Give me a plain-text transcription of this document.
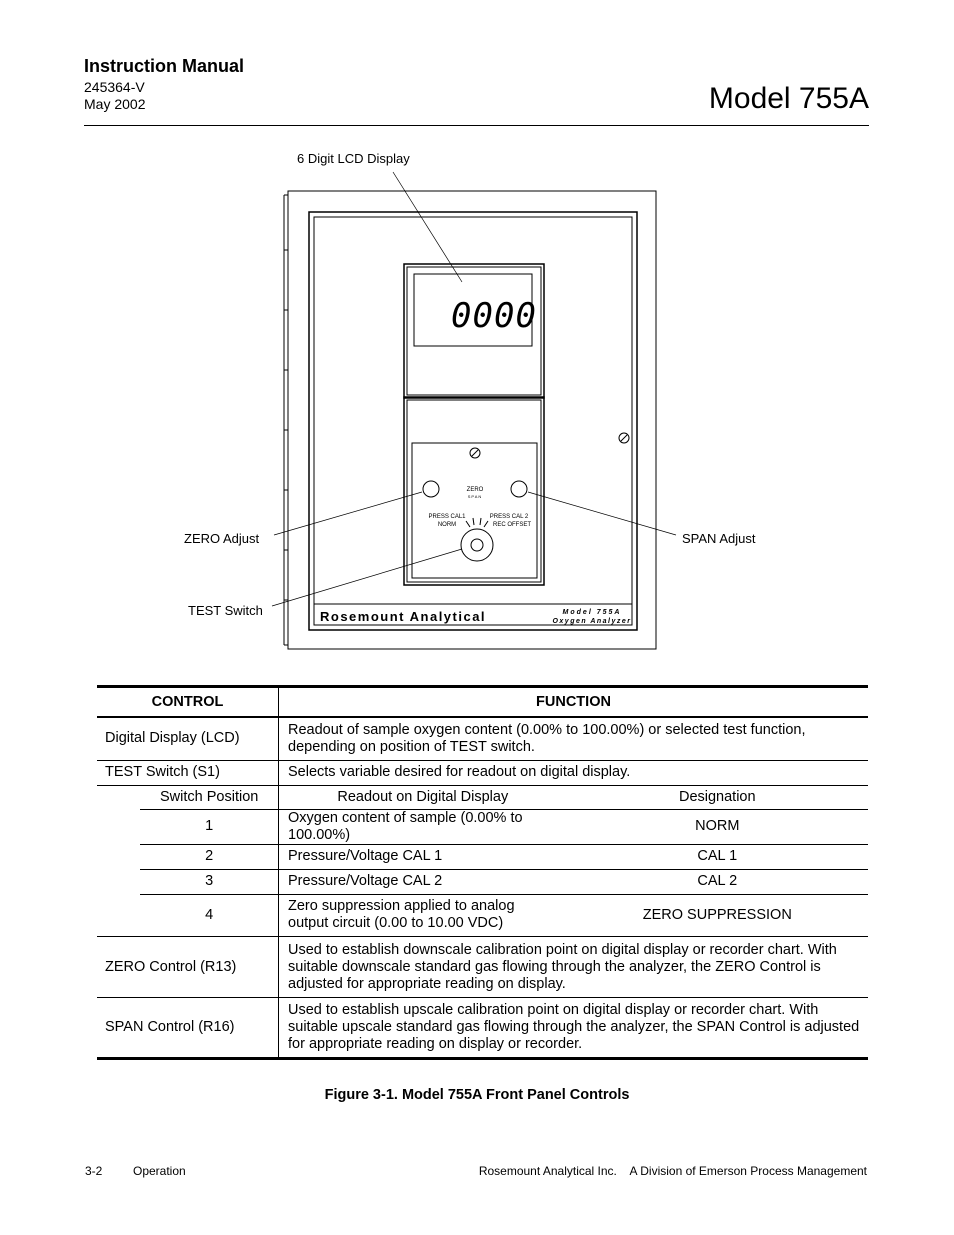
Instruction Manual
245364-V
May 2002	Model 755A
0000
ZERO
SPAN
PRESS CAL1
NORM
PRESS CAL 2
REC OFFSET
Rosemount Analytical	Model 755A
Oxygen Analyzer
6 Digit LCD Display
ZERO Adjust	SPAN Adjust
TEST Switch
CONTROL		FUNCTION	
Digital Display (LCD)		Readout of sample oxygen content (0.00% to 100.00%) or selected test function, depending on position of TEST switch.	
TEST Switch (S1)		Selects variable desired for readout on digital display.	
	Switch Position	Readout on Digital Display	Designation
	1	Oxygen content of sample (0.00% to 100.00%)	NORM
	2	Pressure/Voltage CAL 1	CAL 1
	3	Pressure/Voltage CAL 2	CAL 2
	4	Zero suppression applied to analog output circuit (0.00 to 10.00 VDC)	ZERO SUPPRESSION

ZERO Control (R13)		Used to establish downscale calibration point on digital display or recorder chart. With suitable downscale standard gas flowing through the analyzer, the ZERO Control is adjusted for appropriate reading on display.	
SPAN Control (R16)		Used to establish upscale calibration point on digital display or recorder chart. With suitable upscale standard gas flowing through the analyzer, the SPAN Control is adjusted for appropriate reading on display or recorder.	
Figure 3-1. Model 755A Front Panel Controls
3-2	Operation	Rosemount Analytical Inc.    A Division of Emerson Process Management
